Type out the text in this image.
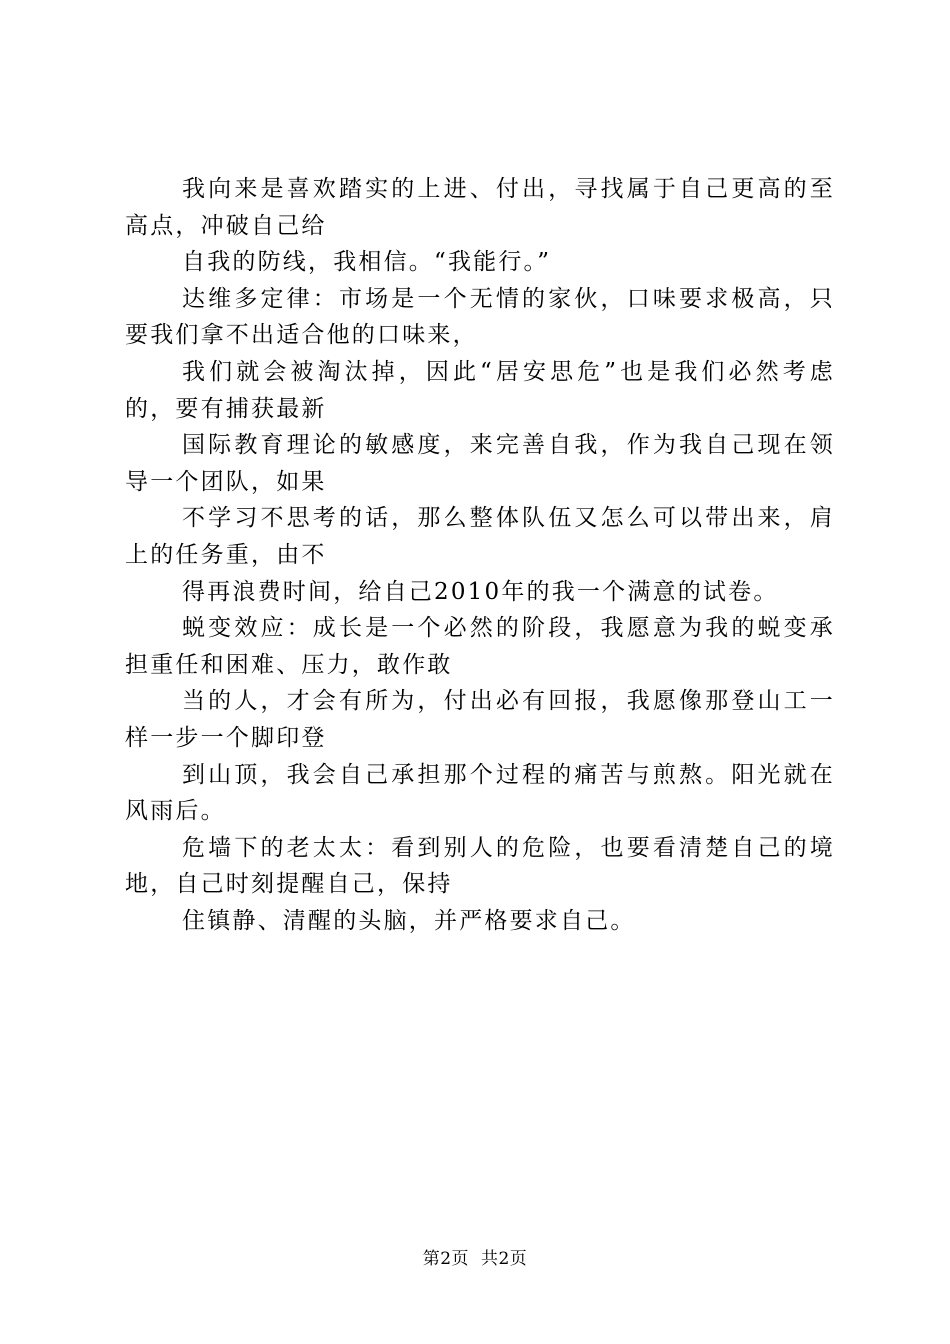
我向来是喜欢踏实的上进、付出，寻找属于自己更高的至高点，冲破自己给

自我的防线，我相信。“我能行。”

达维多定律：市场是一个无情的家伙，口味要求极高，只要我们拿不出适合他的口味来，

我们就会被淘汰掉，因此“居安思危”也是我们必然考虑的，要有捕获最新

国际教育理论的敏感度，来完善自我，作为我自己现在领导一个团队，如果

不学习不思考的话，那么整体队伍又怎么可以带出来，肩上的任务重，由不

得再浪费时间，给自己2010年的我一个满意的试卷。

蜕变效应：成长是一个必然的阶段，我愿意为我的蜕变承担重任和困难、压力，敢作敢

当的人，才会有所为，付出必有回报，我愿像那登山工一样一步一个脚印登

到山顶，我会自己承担那个过程的痛苦与煎熬。阳光就在风雨后。

危墙下的老太太：看到别人的危险，也要看清楚自己的境地，自己时刻提醒自己，保持

住镇静、清醒的头脑，并严格要求自己。

第2页 共2页
